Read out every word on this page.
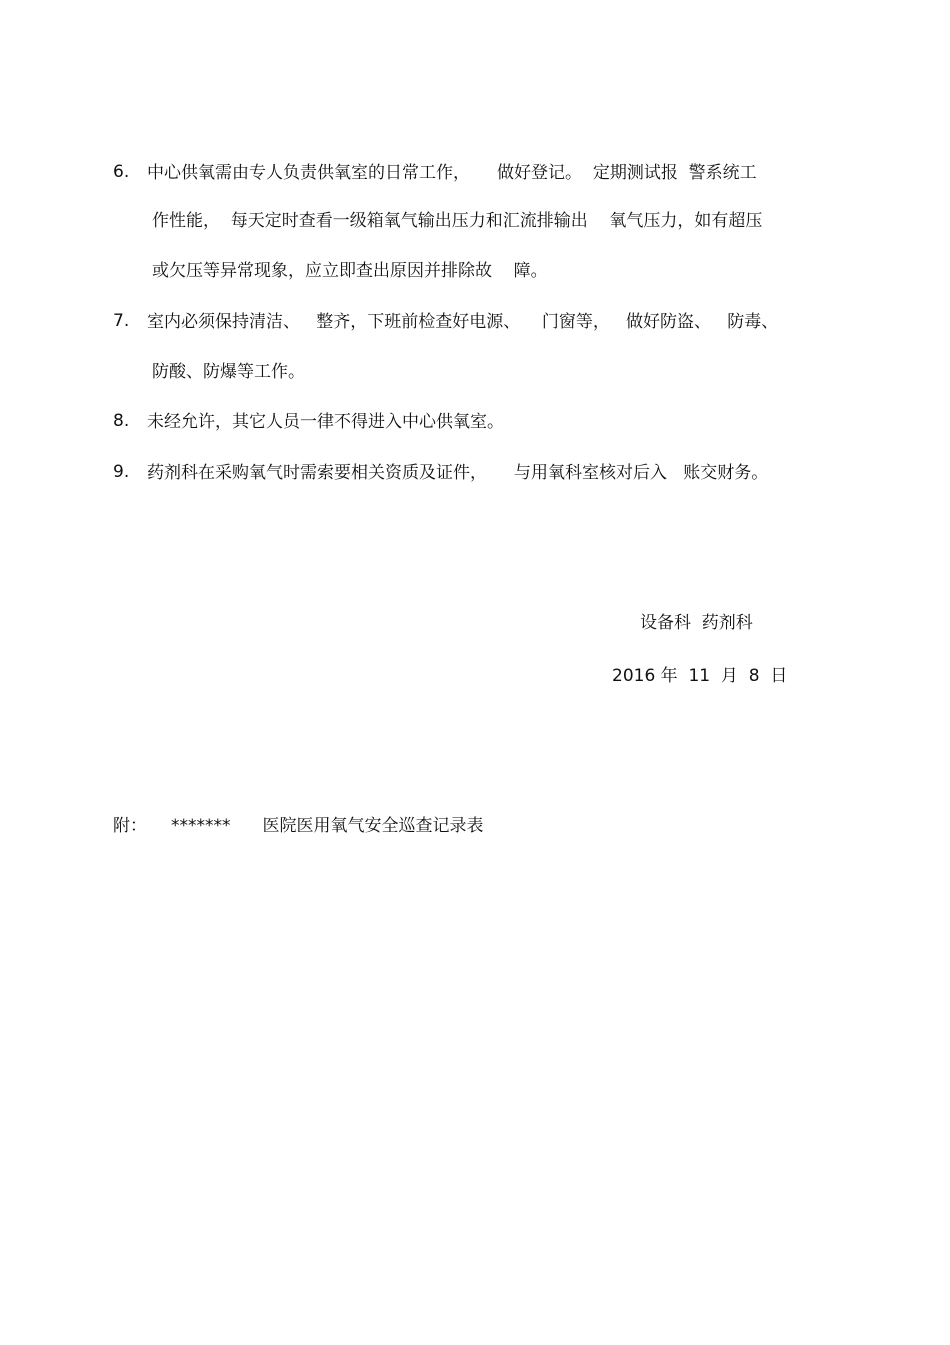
6. 中心供氧需由专人负责供氧室的日常工作，     做好登记。  定期测试报  警系统工
作性能，  每天定时查看一级箱氧气输出压力和汇流排输出    氧气压力，如有超压
或欠压等异常现象，应立即查出原因并排除故    障。
7. 室内必须保持清洁、   整齐，下班前检查好电源、    门窗等，   做好防盗、   防毒、
防酸、防爆等工作。
8. 未经允许，其它人员一律不得进入中心供氧室。
9. 药剂科在采购氧气时需索要相关资质及证件，     与用氧科室核对后入   账交财务。
设备科  药剂科
2016 年  11  月  8  日
附： ******* 医院医用氧气安全巡查记录表
